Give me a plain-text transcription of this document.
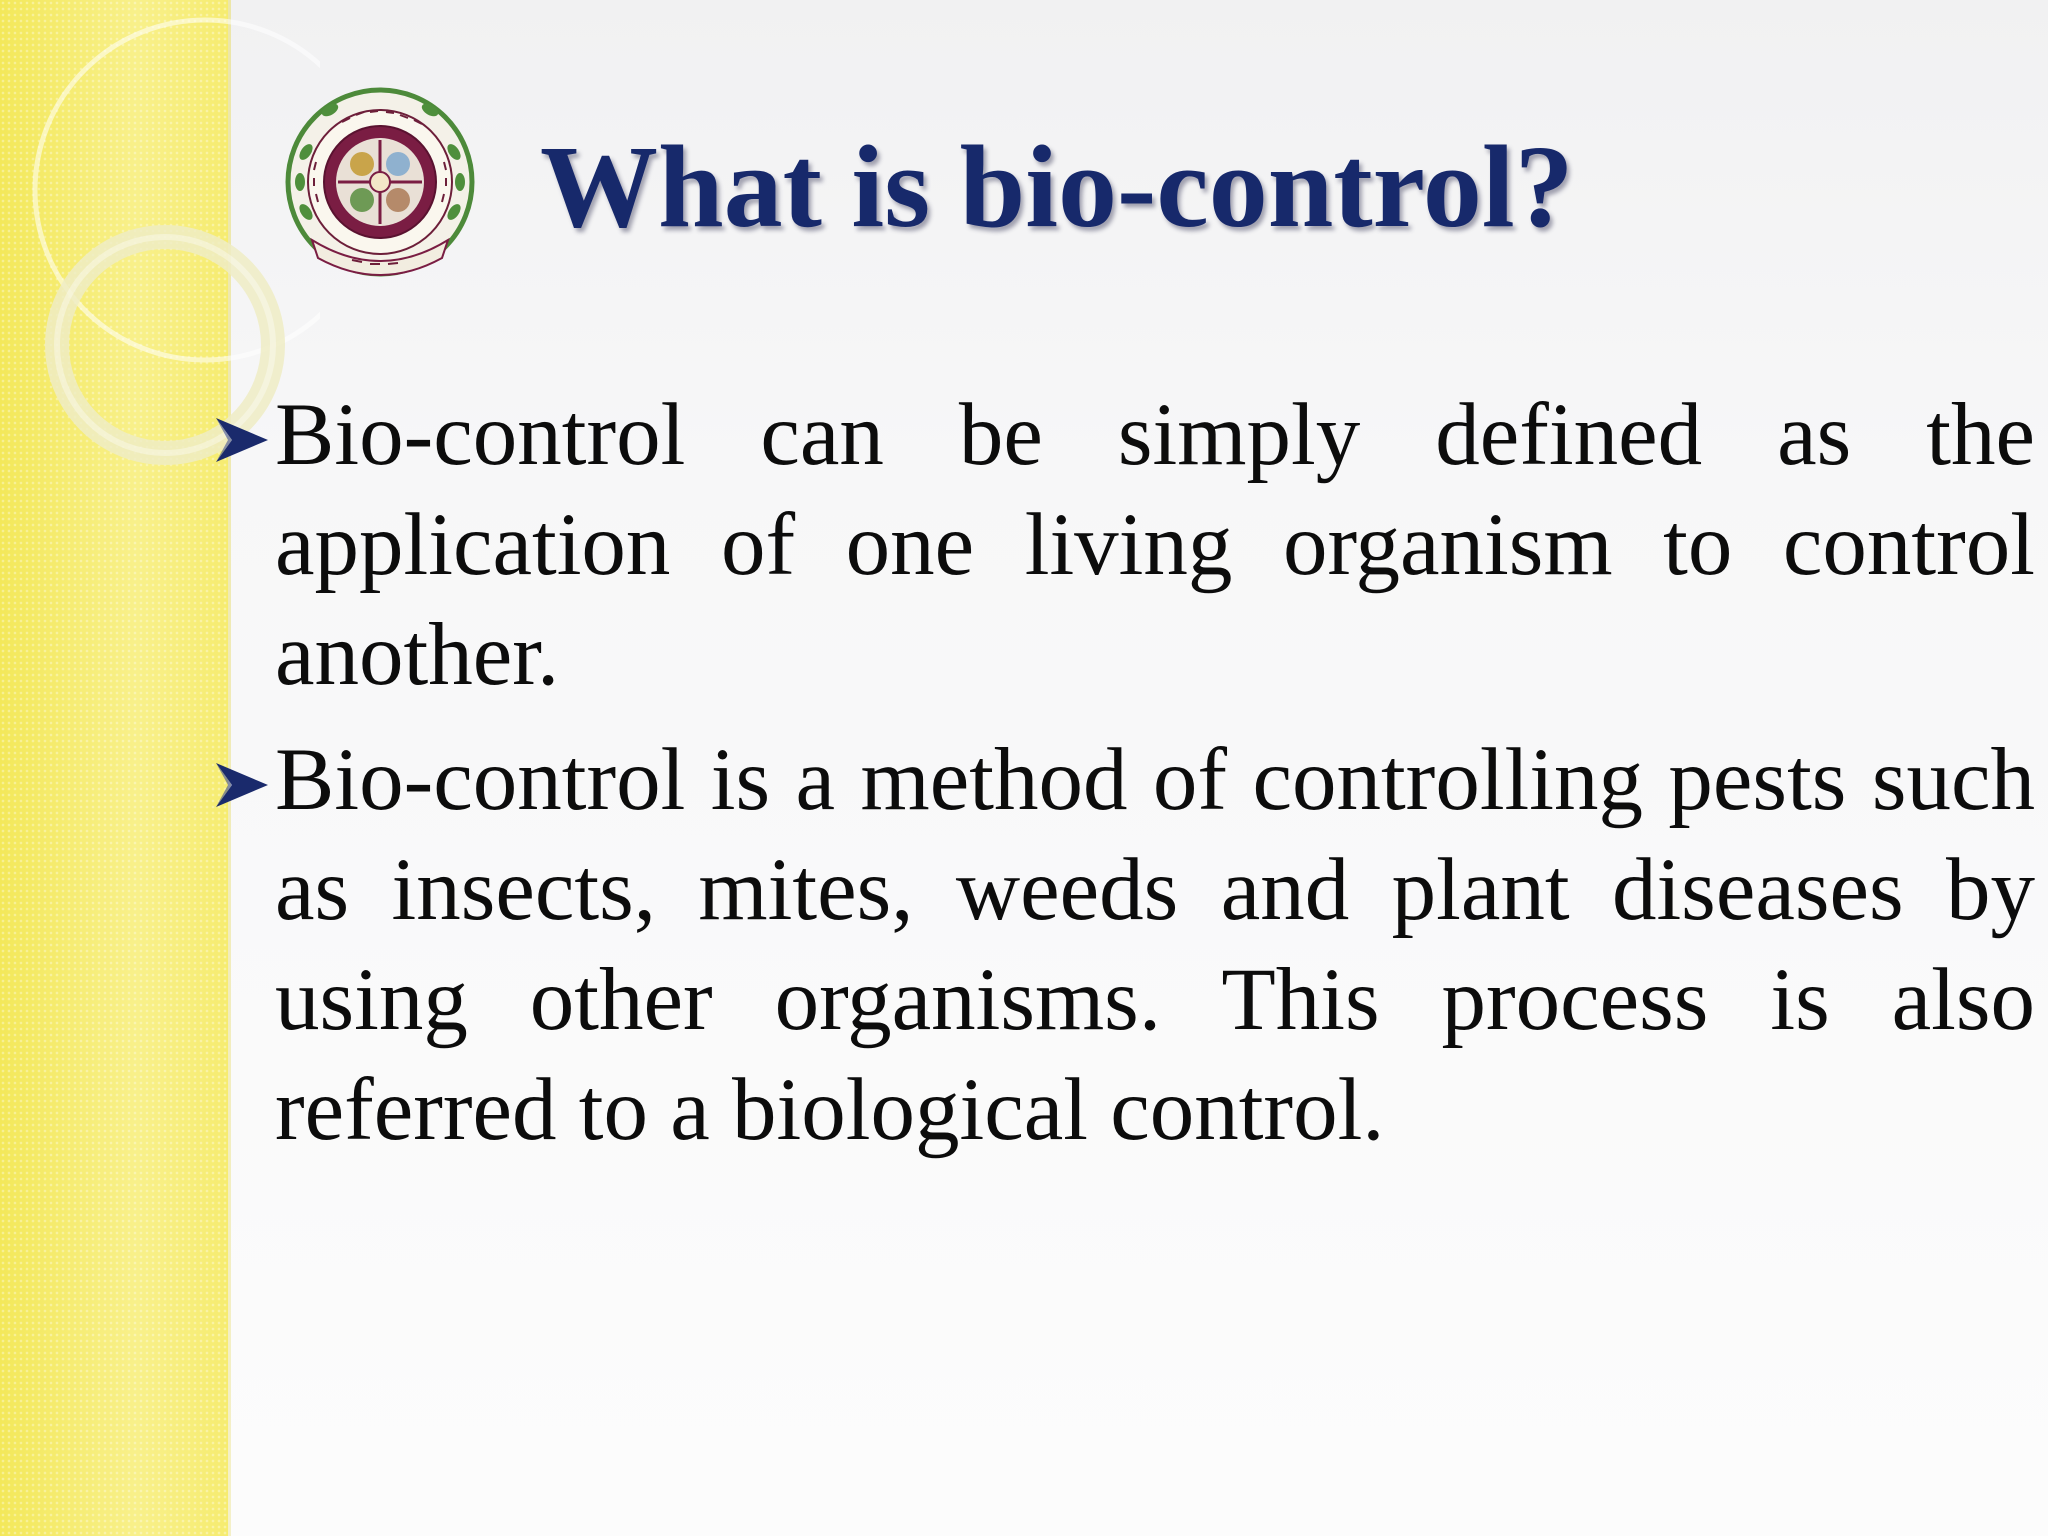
What is bio-control?

Bio-control can be simply defined as the application of one living organism to control another.

Bio-control is a method of controlling pests such as insects, mites, weeds and plant diseases by using other organisms. This process is also referred to a biological control.
